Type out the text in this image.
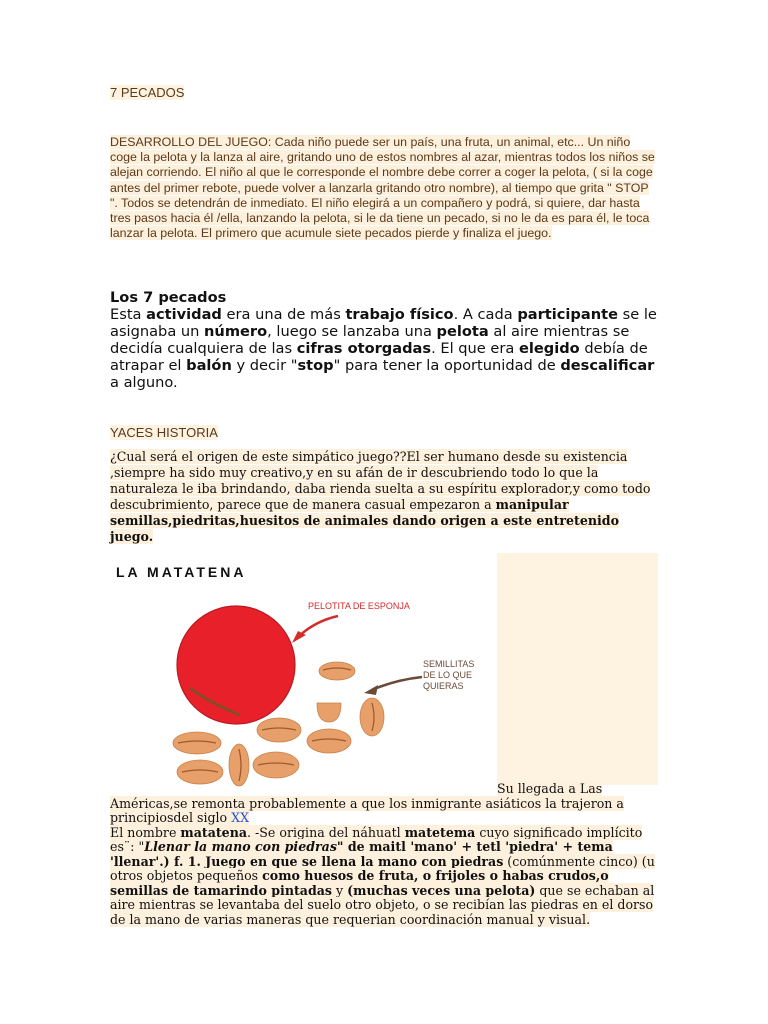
7 PECADOS
DESARROLLO DEL JUEGO: Cada niño puede ser un país, una fruta, un animal, etc... Un niño coge la pelota y la lanza al aire, gritando uno de estos nombres al azar, mientras todos los niños se alejan corriendo. El niño al que le corresponde el nombre debe correr a coger la pelota, ( si la coge antes del primer rebote, puede volver a lanzarla gritando otro nombre), al tiempo que grita " STOP ". Todos se detendrán de inmediato. El niño elegirá a un compañero y podrá, si quiere, dar hasta tres pasos hacia él /ella, lanzando la pelota, si le da tiene un pecado, si no le da es para él, le toca lanzar la pelota. El primero que acumule siete pecados pierde y finaliza el juego.
Los 7 pecados
Esta actividad era una de más trabajo físico. A cada participante se le asignaba un número, luego se lanzaba una pelota al aire mientras se decidía cualquiera de las cifras otorgadas. El que era elegido debía de atrapar el balón y decir "stop" para tener la oportunidad de descalificar a alguno.
YACES HISTORIA
¿Cual será el origen de este simpático juego??El ser humano desde su existencia ,siempre ha sido muy creativo,y en su afán de ir descubriendo todo lo que la naturaleza le iba brindando, daba rienda suelta a su espíritu explorador,y como todo descubrimiento, parece que de manera casual empezaron a manipular semillas,piedritas,huesitos de animales dando origen a este entretenido juego.
LA MATATENA
PELOTITA DE ESPONJA
SEMILLITAS
DE LO QUE
QUIERAS
Su llegada a Las Américas,se remonta probablemente a que los inmigrante asiáticos la trajeron a principiosdel siglo XX
El nombre matatena. -Se origina del náhuatl matetema cuyo significado implícito es¨: "Llenar la mano con piedras" de maitl 'mano' + tetl 'piedra' + tema 'llenar'.) f. 1. Juego en que se llena la mano con piedras (comúnmente cinco) (u otros objetos pequeños como huesos de fruta, o frijoles o habas crudos,o semillas de tamarindo pintadas y (muchas veces una pelota) que se echaban al aire mientras se levantaba del suelo otro objeto, o se recibían las piedras en el dorso de la mano de varias maneras que requerian coordinación manual y visual.
